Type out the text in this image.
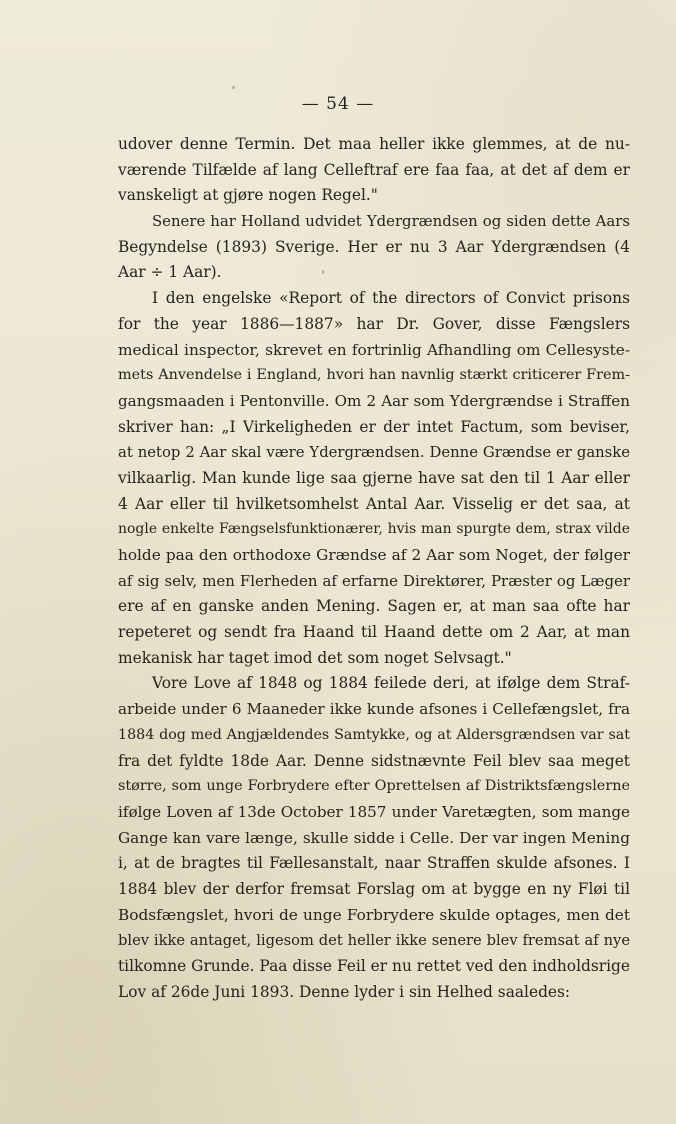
— 54 —
udover denne Termin. Det maa heller ikke glemmes, at de nu-
værende Tilfælde af lang Celleftraf ere faa faa, at det af dem er
vanskeligt at gjøre nogen Regel."
Senere har Holland udvidet Ydergrændsen og siden dette Aars
Begyndelse (1893) Sverige. Her er nu 3 Aar Ydergrændsen (4
Aar ÷ 1 Aar).
I den engelske «Report of the directors of Convict prisons
for the year 1886—1887» har Dr. Gover, disse Fængslers
medical inspector, skrevet en fortrinlig Afhandling om Cellesyste-
mets Anvendelse i England, hvori han navnlig stærkt criticerer Frem-
gangsmaaden i Pentonville. Om 2 Aar som Ydergrændse i Straffen
skriver han: „I Virkeligheden er der intet Factum, som beviser,
at netop 2 Aar skal være Ydergrændsen. Denne Grændse er ganske
vilkaarlig. Man kunde lige saa gjerne have sat den til 1 Aar eller
4 Aar eller til hvilketsomhelst Antal Aar. Visselig er det saa, at
nogle enkelte Fængselsfunktionærer, hvis man spurgte dem, strax vilde
holde paa den orthodoxe Grændse af 2 Aar som Noget, der følger
af sig selv, men Flerheden af erfarne Direktører, Præster og Læger
ere af en ganske anden Mening. Sagen er, at man saa ofte har
repeteret og sendt fra Haand til Haand dette om 2 Aar, at man
mekanisk har taget imod det som noget Selvsagt."
Vore Love af 1848 og 1884 feilede deri, at ifølge dem Straf-
arbeide under 6 Maaneder ikke kunde afsones i Cellefængslet, fra
1884 dog med Angjældendes Samtykke, og at Aldersgrændsen var sat
fra det fyldte 18de Aar. Denne sidstnævnte Feil blev saa meget
større, som unge Forbrydere efter Oprettelsen af Distriktsfængslerne
ifølge Loven af 13de October 1857 under Varetægten, som mange
Gange kan vare længe, skulle sidde i Celle. Der var ingen Mening
i, at de bragtes til Fællesanstalt, naar Straffen skulde afsones. I
1884 blev der derfor fremsat Forslag om at bygge en ny Fløi til
Bodsfængslet, hvori de unge Forbrydere skulde optages, men det
blev ikke antaget, ligesom det heller ikke senere blev fremsat af nye
tilkomne Grunde. Paa disse Feil er nu rettet ved den indholdsrige
Lov af 26de Juni 1893. Denne lyder i sin Helhed saaledes:
